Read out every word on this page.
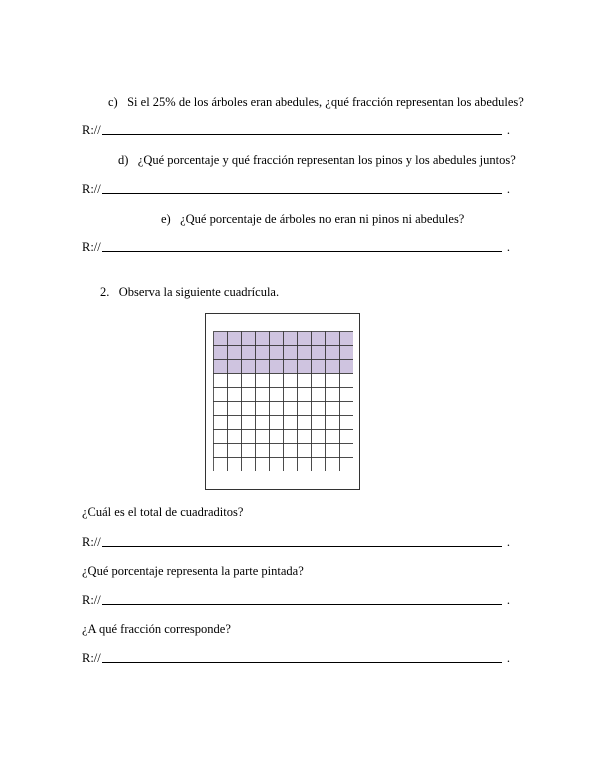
c) Si el 25% de los árboles eran abedules, ¿qué fracción representan los abedules?
R://	.
d) ¿Qué porcentaje y qué fracción representan los pinos y los abedules juntos?
R://	.
e) ¿Qué porcentaje de árboles no eran ni pinos ni abedules?
R://	.
2. Observa la siguiente cuadrícula.
¿Cuál es el total de cuadraditos?
R://	.
¿Qué porcentaje representa la parte pintada?
R://	.
¿A qué fracción corresponde?
R://	.
